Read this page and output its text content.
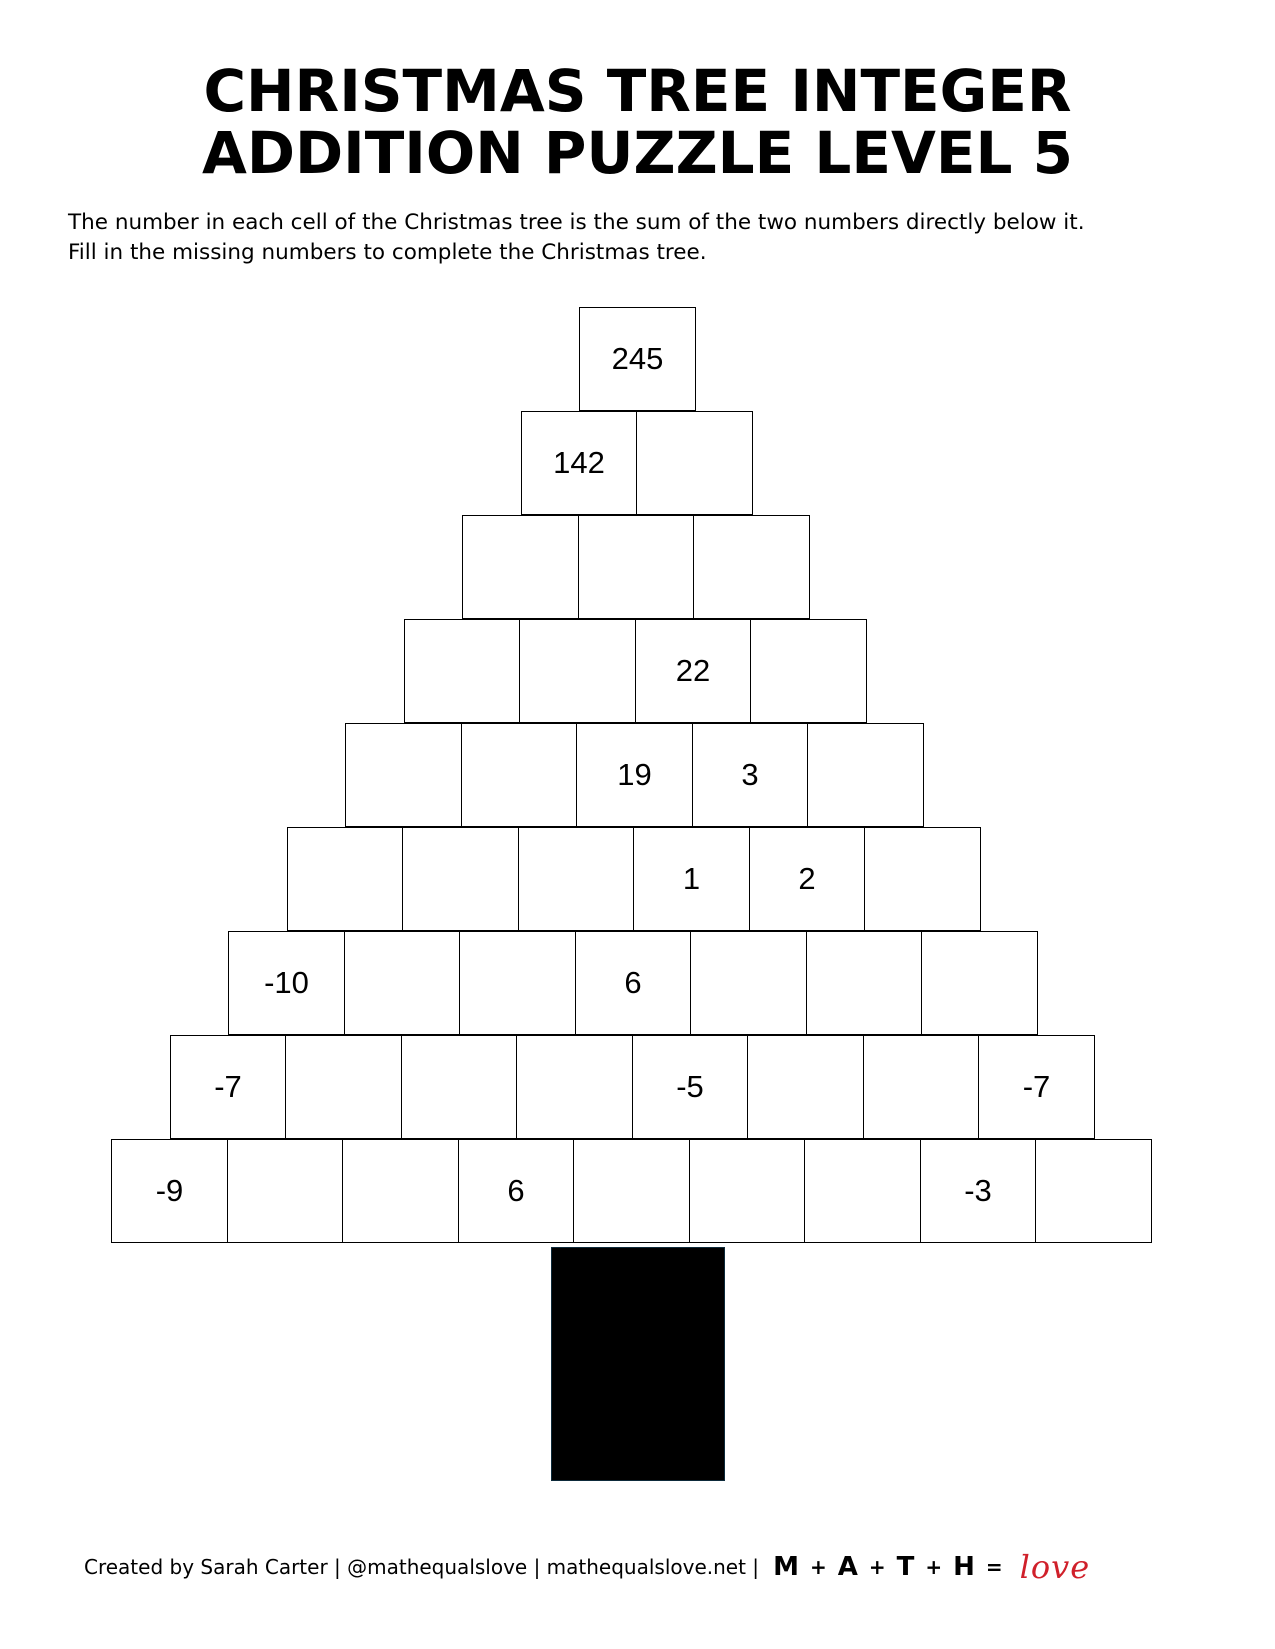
CHRISTMAS TREE INTEGER
ADDITION PUZZLE LEVEL 5
The number in each cell of the Christmas tree is the sum of the two numbers directly below it.
Fill in the missing numbers to complete the Christmas tree.
245
142
22
19	3
1	2
-10	6
-7	-5	-7
-9	6	-3
Created by Sarah Carter | @mathequalslove | mathequalslove.net | M + A + T + H = love
